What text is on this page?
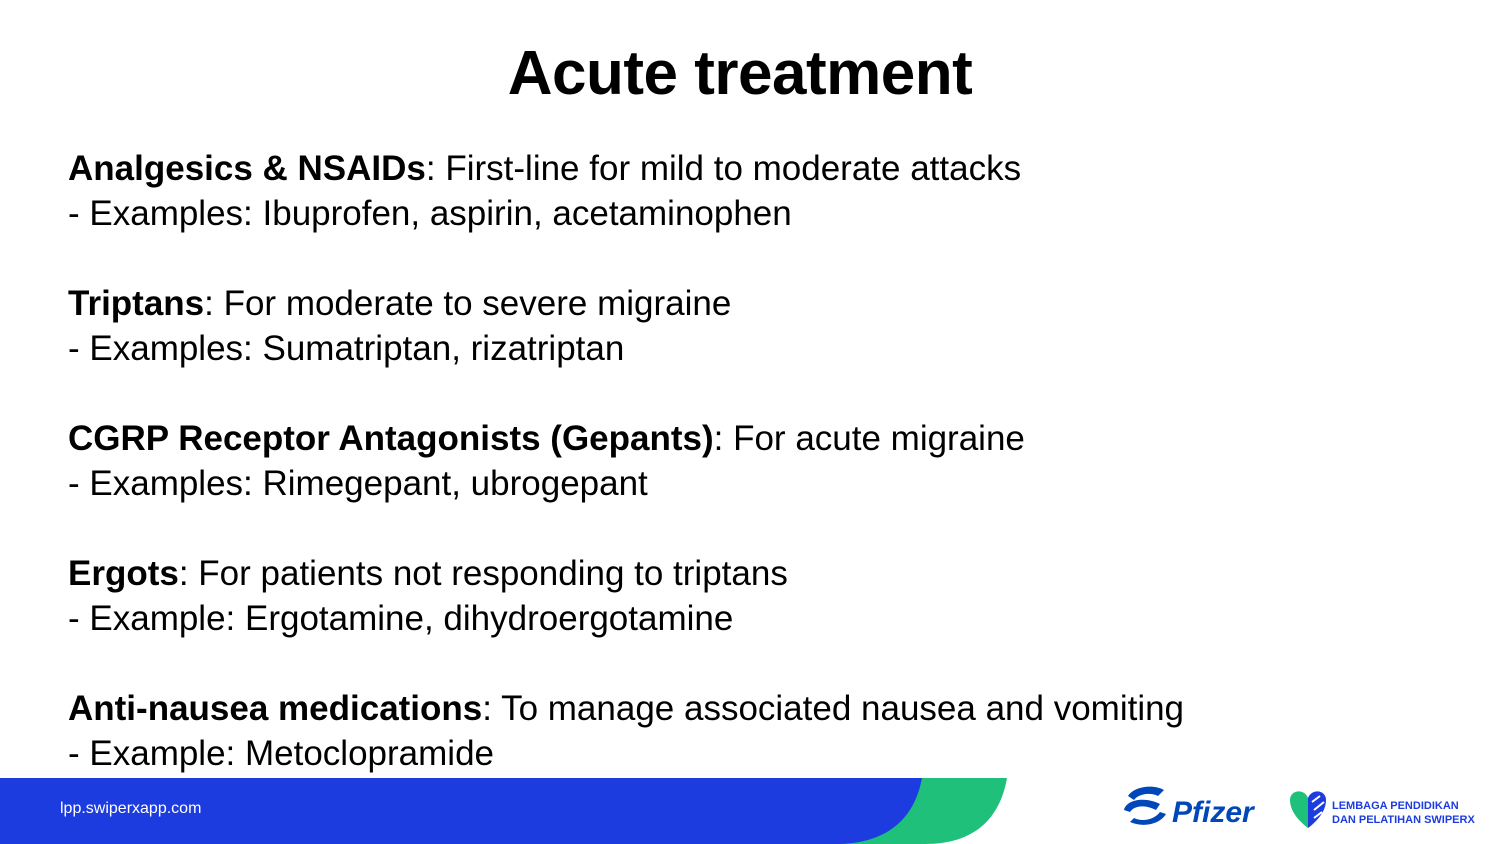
Acute treatment
Analgesics & NSAIDs: First-line for mild to moderate attacks
- Examples: Ibuprofen, aspirin, acetaminophen
Triptans: For moderate to severe migraine
- Examples: Sumatriptan, rizatriptan
CGRP Receptor Antagonists (Gepants): For acute migraine
- Examples: Rimegepant, ubrogepant
Ergots: For patients not responding to triptans
- Example: Ergotamine, dihydroergotamine
Anti-nausea medications: To manage associated nausea and vomiting
- Example: Metoclopramide
lpp.swiperxapp.com	Pfizer	LEMBAGA PENDIDIKAN
DAN PELATIHAN SWIPERX
